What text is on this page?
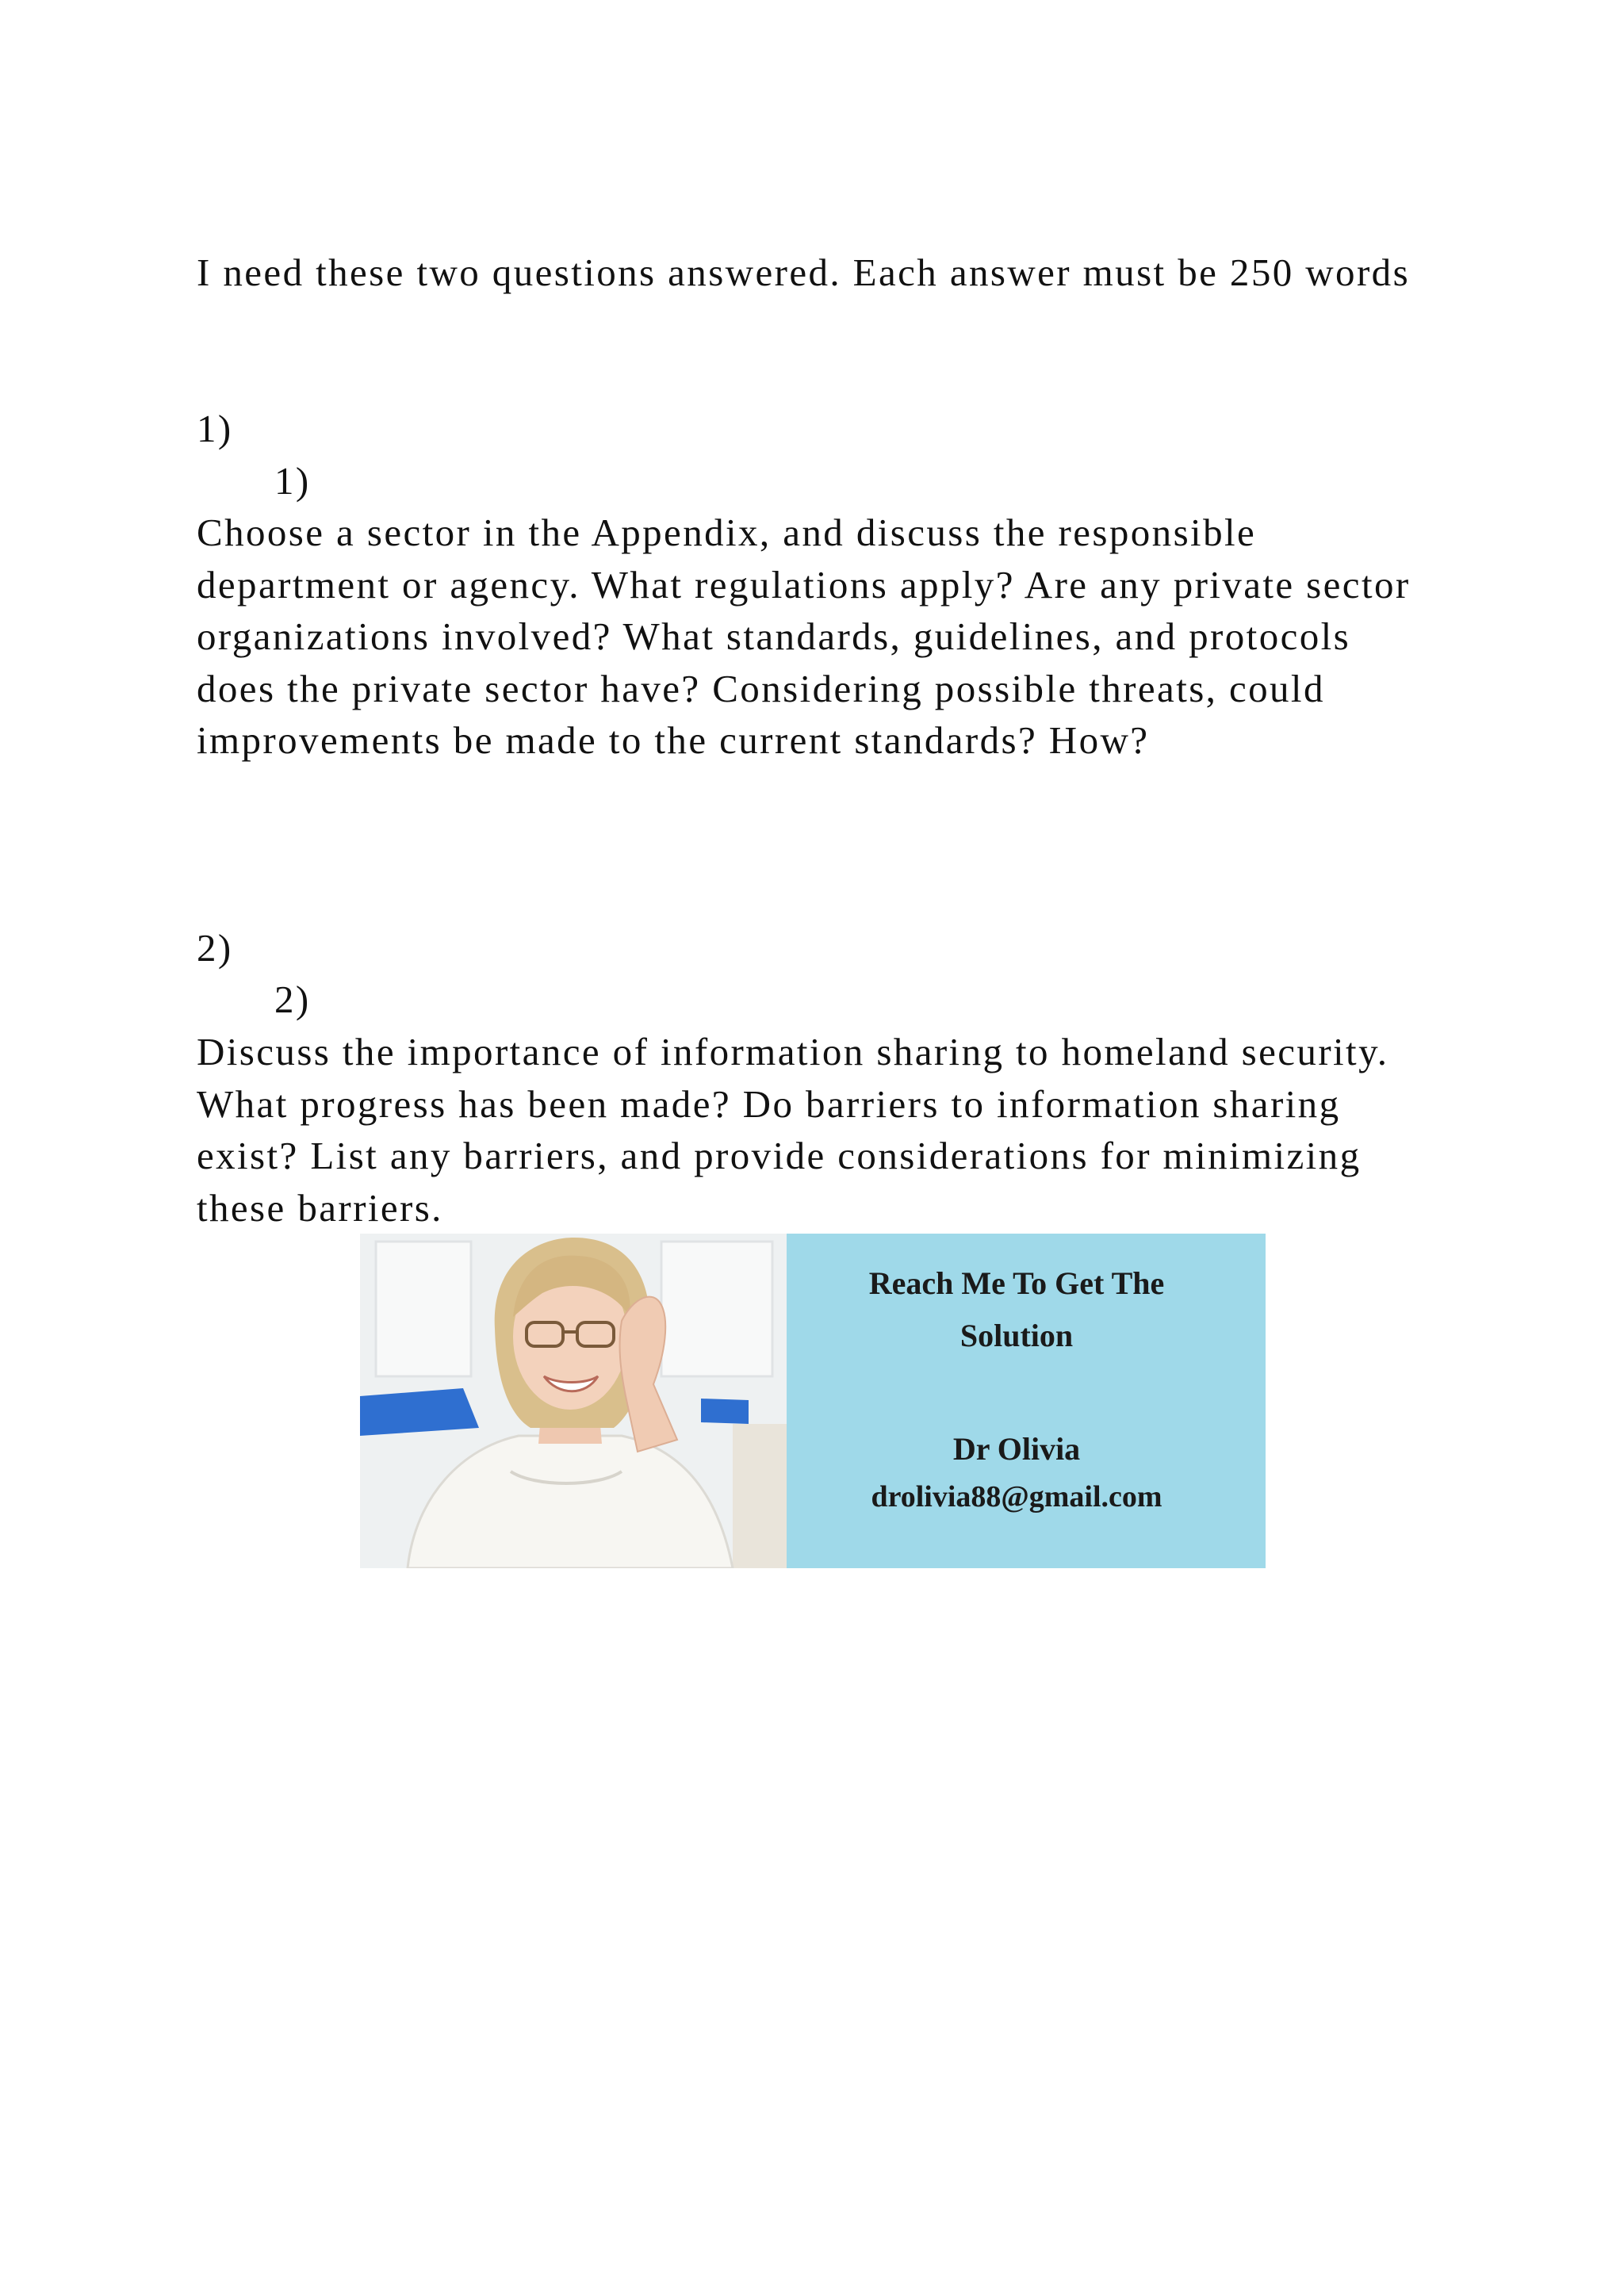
I need these two questions answered. Each answer must be 250 words

1)

1)

Choose a sector in the Appendix, and discuss the responsible department or agency. What regulations apply? Are any private sector organizations involved? What standards, guidelines, and protocols does the private sector have? Considering possible threats, could improvements be made to the current standards? How?

2)

2)

Discuss the importance of information sharing to homeland security. What progress has been made? Do barriers to information sharing exist? List any barriers, and provide considerations for minimizing these barriers.

Reach Me To Get The
Solution
Dr Olivia
drolivia88@gmail.com
